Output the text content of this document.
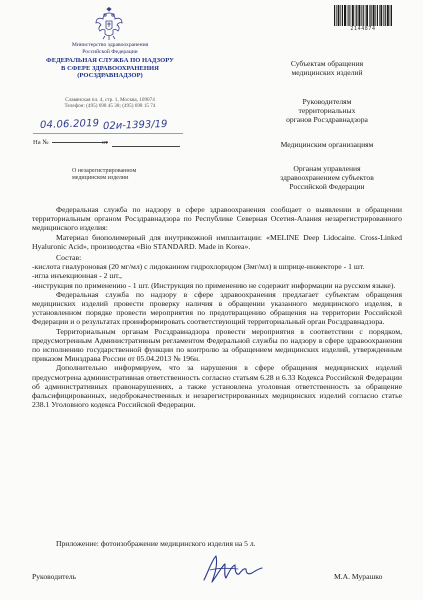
Министерство здравоохранения
Российской Федерации
ФЕДЕРАЛЬНАЯ СЛУЖБА ПО НАДЗОРУ
В СФЕРЕ ЗДРАВООХРАНЕНИЯ
(РОСЗДРАВНАДЗОР)
Славянская пл. 4, стр. 1, Москва, 109074
Телефон: (495) 698 45 38; (495) 698 15 74
04.06.2019 02и-1393/19
На №	от
О незарегистрированном
медицинском изделии
2144874
Субъектам обращения
медицинских изделий
Руководителям
территориальных
органов Росздравнадзора
Медицинским организациям
Органам управления
здравоохранением субъектов
Российской Федерации

Федеральная служба по надзору в сфере здравоохранения сообщает о выявлении в обращении территориальным органом Росздравнадзора по Республике Северная Осетия-Алания незарегистрированного медицинского изделия:

Материал биополимерный для внутрикожной имплантации: «MELINE Deep Lidocaine. Cross-Linked Hyaluronic Acid», производства «Bio STANDARD. Made in Korea».

Состав:

-кислота гиалуроновая (20 мг/мл) с лидокаином гидрохлоридом (3мг/мл) в шприце-инжекторе - 1 шт.

-игла инъекционная - 2 шт.,

-инструкция по применению - 1 шт. (Инструкция по применению не содержит информации на русском языке).

Федеральная служба по надзору в сфере здравоохранения предлагает субъектам обращения медицинских изделий провести проверку наличия в обращении указанного медицинского изделия, в установленном порядке провести мероприятия по предотвращению обращения на территории Российской Федерации и о результатах проинформировать соответствующий территориальный орган Росздравнадзора.

Территориальным органам Росздравнадзора провести мероприятия в соответствии с порядком, предусмотренным Административным регламентом Федеральной службы по надзору в сфере здравоохранения по исполнению государственной функции по контролю за обращением медицинских изделий, утвержденным приказом Минздрава России от 05.04.2013 № 196н.

Дополнительно информируем, что за нарушения в сфере обращения медицинских изделий предусмотрена административная ответственность согласно статьям 6.28 и 6.33 Кодекса Российской Федерации об административных правонарушениях, а также установлена уголовная ответственность за обращение фальсифицированных, недоброкачественных и незарегистрированных медицинских изделий согласно статье 238.1 Уголовного кодекса Российской Федерации.

Приложение: фотоизображение медицинского изделия на 5 л.
Руководитель	М.А. Мурашко
